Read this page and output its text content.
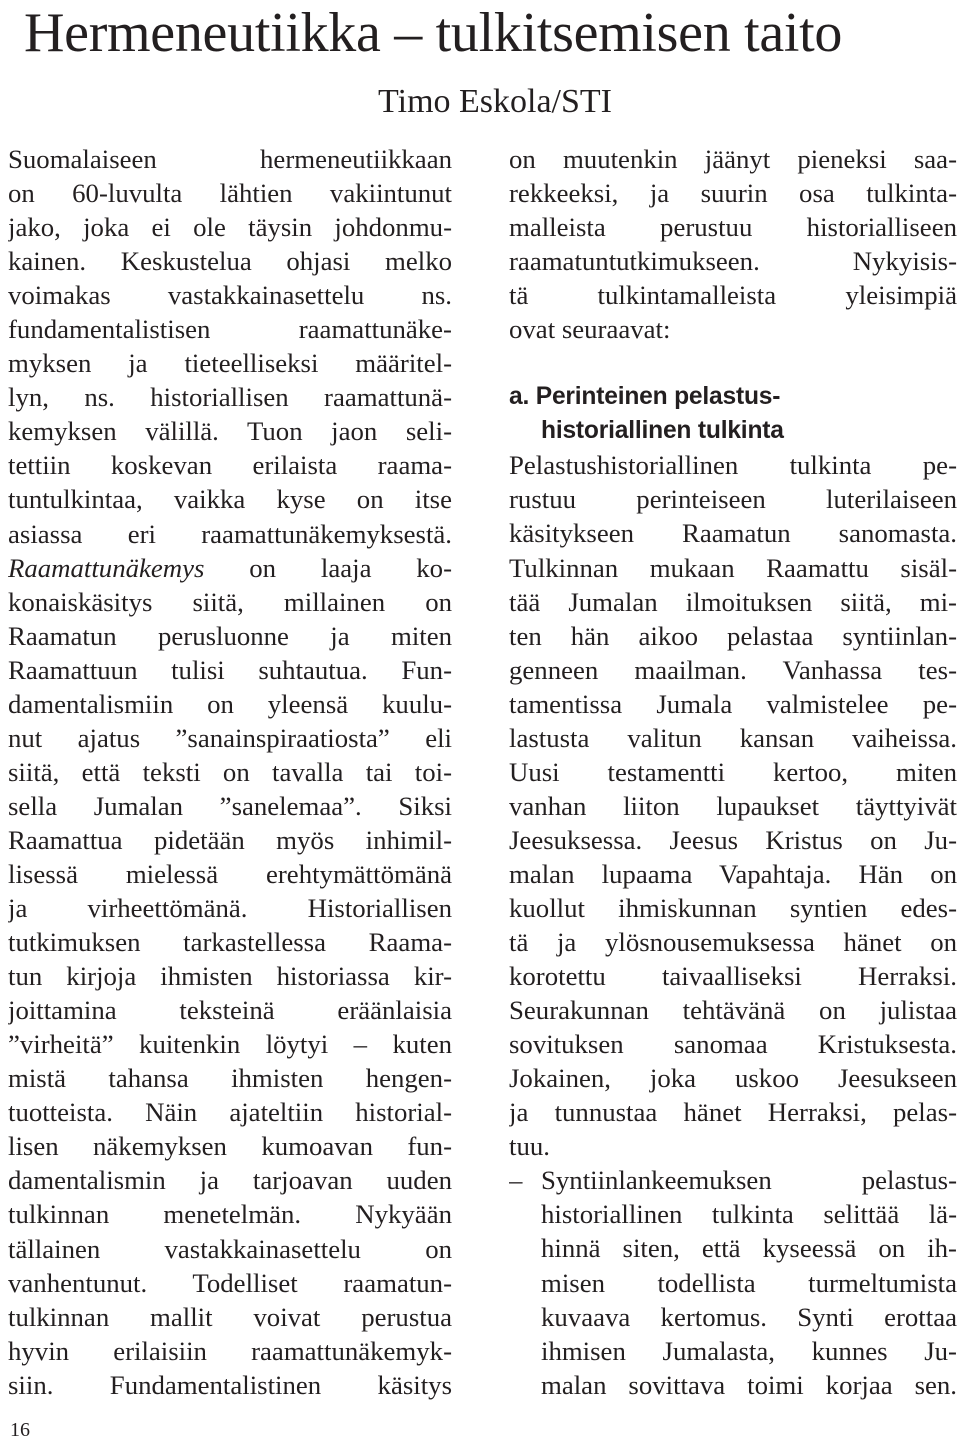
Hermeneutiikka – tulkitsemisen taito
Timo Eskola/STI
Suomalaiseen hermeneutiikkaan
on 60-luvulta lähtien vakiintunut
jako, joka ei ole täysin johdonmu-
kainen. Keskustelua ohjasi melko
voimakas vastakkainasettelu ns.
fundamentalistisen raamattunäke-
myksen ja tieteelliseksi määritel-
lyn, ns. historiallisen raamattunä-
kemyksen välillä. Tuon jaon seli-
tettiin koskevan erilaista raama-
tuntulkintaa, vaikka kyse on itse
asiassa eri raamattunäkemyksestä.
Raamattunäkemys on laaja ko-
konaiskäsitys siitä, millainen on
Raamatun perusluonne ja miten
Raamattuun tulisi suhtautua. Fun-
damentalismiin on yleensä kuulu-
nut ajatus ”sanainspiraatiosta” eli
siitä, että teksti on tavalla tai toi-
sella Jumalan ”sanelemaa”. Siksi
Raamattua pidetään myös inhimil-
lisessä mielessä erehtymättömänä
ja virheettömänä. Historiallisen
tutkimuksen tarkastellessa Raama-
tun kirjoja ihmisten historiassa kir-
joittamina teksteinä eräänlaisia
”virheitä” kuitenkin löytyi – kuten
mistä tahansa ihmisten hengen-
tuotteista. Näin ajateltiin historial-
lisen näkemyksen kumoavan fun-
damentalismin ja tarjoavan uuden
tulkinnan menetelmän. Nykyään
tällainen vastakkainasettelu on
vanhentunut. Todelliset raamatun-
tulkinnan mallit voivat perustua
hyvin erilaisiin raamattunäkemyk-
siin. Fundamentalistinen käsitys
on muutenkin jäänyt pieneksi saa-
rekkeeksi, ja suurin osa tulkinta-
malleista perustuu historialliseen
raamatuntutkimukseen. Nykyisis-
tä tulkintamalleista yleisimpiä
ovat seuraavat:
a. Perinteinen pelastus-
historiallinen tulkinta
Pelastushistoriallinen tulkinta pe-
rustuu perinteiseen luterilaiseen
käsitykseen Raamatun sanomasta.
Tulkinnan mukaan Raamattu sisäl-
tää Jumalan ilmoituksen siitä, mi-
ten hän aikoo pelastaa syntiinlan-
genneen maailman. Vanhassa tes-
tamentissa Jumala valmistelee pe-
lastusta valitun kansan vaiheissa.
Uusi testamentti kertoo, miten
vanhan liiton lupaukset täyttyivät
Jeesuksessa. Jeesus Kristus on Ju-
malan lupaama Vapahtaja. Hän on
kuollut ihmiskunnan syntien edes-
tä ja ylösnousemuksessa hänet on
korotettu taivaalliseksi Herraksi.
Seurakunnan tehtävänä on julistaa
sovituksen sanomaa Kristuksesta.
Jokainen, joka uskoo Jeesukseen
ja tunnustaa hänet Herraksi, pelas-
tuu.
– Syntiinlankeemuksen pelastus-
historiallinen tulkinta selittää lä-
hinnä siten, että kyseessä on ih-
misen todellista turmeltumista
kuvaava kertomus. Synti erottaa
ihmisen Jumalasta, kunnes Ju-
malan sovittava toimi korjaa sen.
16
